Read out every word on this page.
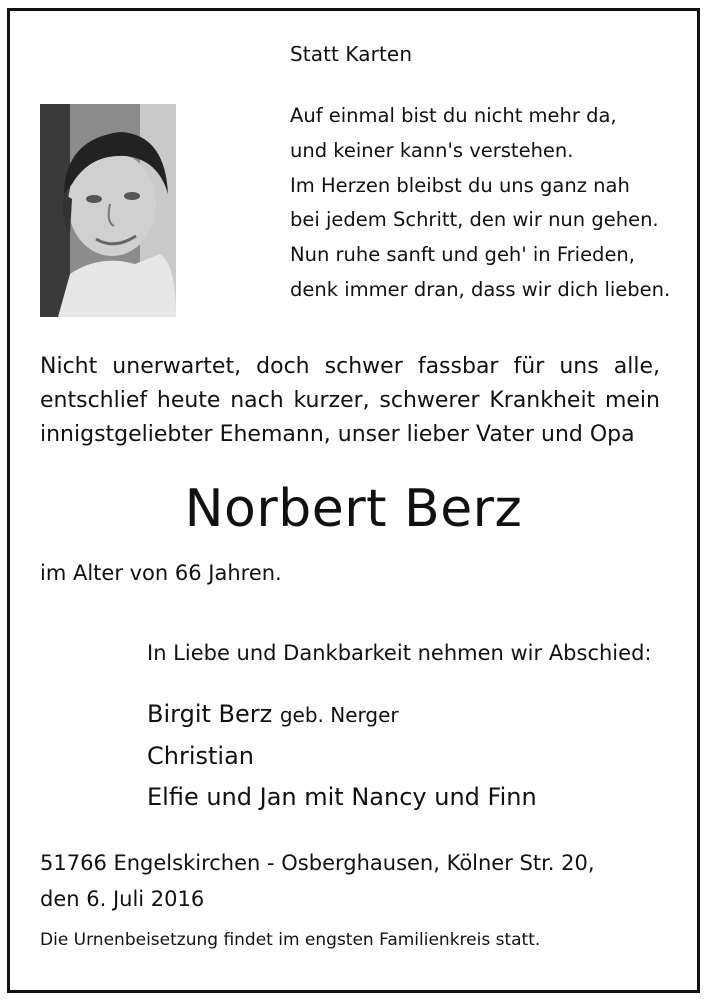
Statt Karten
Auf einmal bist du nicht mehr da,
und keiner kann's verstehen.
Im Herzen bleibst du uns ganz nah
bei jedem Schritt, den wir nun gehen.
Nun ruhe sanft und geh' in Frieden,
denk immer dran, dass wir dich lieben.
Nicht unerwartet, doch schwer fassbar für uns alle,
entschlief heute nach kurzer, schwerer Krankheit mein
innigstgeliebter Ehemann, unser lieber Vater und Opa
Norbert Berz
im Alter von 66 Jahren.
In Liebe und Dankbarkeit nehmen wir Abschied:
Birgit Berz geb. Nerger
Christian
Elfie und Jan mit Nancy und Finn
51766 Engelskirchen - Osberghausen, Kölner Str. 20,
den 6. Juli 2016
Die Urnenbeisetzung findet im engsten Familienkreis statt.
